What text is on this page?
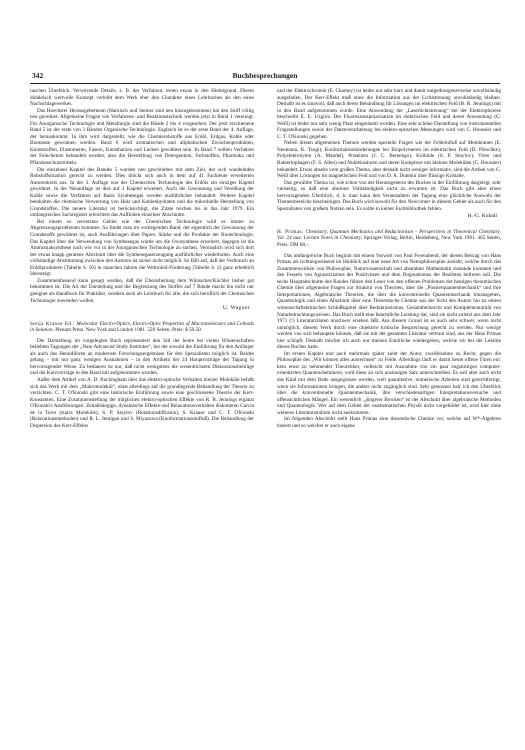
342	Buchbesprechungen

raschen Überblick. Verwirrende Details, z. B. der Verfahren, treten etwas in den Hintergrund. Dieses didaktisch wertvolle Konzept verleiht dem Werk eher den Charakter eines Lehrbuches als den eines Nachschlagewerkes.

Das Hoechster Herausgeberteam (Harnisch und Steiner sind neu hinzugekommen) hat den Stoff völlig neu geordnet. Allgemeine Fragen wie Verfahrens- und Reaktionstechnik werden jetzt in Band 1 vereinigt. Für Anorganische Technologie und Metallurgie sind die Bände 2 bis 4 vorgesehen. Der jetzt erschienene Band 5 ist der erste von 3 Bänden Organische Technologie. Zugleich ist es der erste Band der 4. Auflage, der herauskommt. In ihm wird dargestellt, wie die Chemierohstoffe aus Erdöl, Erdgas, Kohle oder Biomasse gewonnen werden. Band 6 wird aromatischen und aliphatischen Zwischenprodukten, Kunststoffen, Elastomeren, Fasern, Kunstharzen und Lacken gewidmet sein. In Band 7 sollten Verfahren der Feinchemie behandelt werden, also die Herstellung von Detergentien, Farbstoffen, Pharmaka und Pflanzenschutzmitteln.

Die einzelnen Kapitel des Bandes 5 wurden neu geschrieben mit dem Ziel, der sich wandelnden Rohstoffsituation gerecht zu werden. Dies drückt sich auch in dem auf 41 Fachleute erweiterten Autorenkreis aus. In der 3. Auflage war der Chemischen Technologie des Erdöls ein einziges Kapitel gewidmet. In der Neuauflage ist dies auf 3 Kapitel erweitert. Auch die Gewinnung und Veredlung der Kohle sowie die Verfahren auf Basis Synthesegas werden ausführlicher behandelt. Weitere Kapitel beinhalten die chemische Verwertung von Holz und Kohlenhydraten und die mikrobielle Herstellung von Grundstoffen. Die neuere Literatur ist berücksichtigt, die Zitate reichen bis in das Jahr 1979. Ein umfangreiches Sachregister erleichtert das Auffinden einzelner Abschnitte.

Bei einem so vernetzten Gebiet wie der Chemischen Technologie wird es immer zu Abgrenzungsproblemen kommen. So findet man im vorliegenden Band, der eigentlich der Gewinnung der Grundstoffe gewidmet ist, auch Ausführungen über Papier, Stärke und die Produkte der Biotechnologie. Das Kapitel über die Verwendung von Synthesegas wurde um die Oxosynthese erweitert, dagegen ist die Ammoniaksynthese nach wie vor in der Anorganischen Technologie zu suchen. Vermutlich wird sich dort der etwas knapp geratene Abschnitt über die Synthesegaserzeugung ausführlicher wiederholen. Auch eine vollständige Abstimmung zwischen den Autoren ist sicher nicht möglich. So fällt auf, daß der Verbrauch an Erdölprodukten (Tabelle S. 50) in manchen Jahren die Weltrohöl-Förderung (Tabelle S. 2) ganz erheblich übersteigt.

Zusammenfassend kann gesagt werden, daß die Überarbeitung dem Winnacker/Küchler bisher gut bekommen ist. Die Art der Darstellung und die Begrenzung des Stoffes auf 7 Bände macht ihn nicht nur geeignet als Handbuch für Praktiker, sondern auch als Lehrbuch für alle, die sich beruflich der Chemischen Technologie zuwenden wollen.

U. Wagner

Sonja Krause Ed.: Molecular Electro-Optics, Electro-Optic Properties of Macromolecules and Colloids in Solution. Plenum Press. New York and London 1981. 520 Seiten, Preis: $ 59.50.

Die Darstellung im vorgelegten Buch repräsentiert den Stil der heute bei vielen Wissenschaften beliebten Tagungen der „Nato Advanced Study Institutes“, bei der sowohl die Einführung für den Anfänger als auch das Heranführen an modernste Forschungsergebnisse für den Spezialisten möglich ist. Beides gelang – mit nur ganz wenigen Ausnahmen – in den Artikeln der 24 Hauptvorträge der Tagung in hervorragender Weise. Zu bedauern ist nur, daß nicht wenigstens die wesentlichsten Diskussionsbeiträge und die Kurzvorträge in den Band mit aufgenommen wurden.

Außer dem Artikel von A. D. Buckingham über das elektro-optische Verhalten kleiner Moleküle befaßt sich das Werk mit dem „Makromolekül“, ohne allerdings auf die grundlegende Behandlung der Theorie zu verzichten. C. T. O'Konski gibt eine historische Einführung sowie eine geschlossene Theorie der Kerr-Konstanten. Eine Zusammenstellung der möglichen elektro-optischen Effekte von R. B. Jennings ergänzt O'Konski's Ausführungen. Zeitabhängige, dynamische Effekte und Relaxationsverhalten diskutieren Garcia de la Torre (starre Moleküle), S. P. Stoylov (Rotationsdiffusion), S. Krause und C. T. O'Konski (Relaxationsmethoden) und R. L. Jernigan und S. Miyazawa (Konformationseinfluß). Die Behandlung der Dispersion des Kerr-Effekts

und der Elektrochromie (E. Charney) ist leider nur sehr kurz und damit notgedrungenerweise unvollständig ausgefallen. Der Kerr-Effekt muß ohne die Information aus der Lichtstreuung unvollständig bleiben. Deshalb ist es sinnvoll, daß auch deren Behandlung für Lösungen im elektrischen Feld (B. R. Jennings) mit in den Band aufgenommen wurde. Eine Anwendung der „Laserlichtstreuung“ bei der Elektrophorese beschreibt E. E. Uzgiris. Der Fluoreszenzpolarisation im elektrischen Feld und deren Anwendung (G. Weill) ist leider nur sehr wenig Platz eingeräumt worden. Eine sehr schöne Darstellung von instrumentellen Fragestellungen sowie der Datenverarbeitung bei elektro-optischen Messungen wird von C. Houssier und C. T. O'Konski gegeben.

Neben diesen allgemeinen Themen werden spezielle Fragen wie der Feldeinfluß auf Membranen (E. Neumann, K. Tsugi), Konformationsänderungen bei Biopolymeren im elektrischen Feld (D. Pörschke), Polyelektrolyten (A. Mandel), Proteinen (J. C. Bernengo), Kolloide (S. P. Stoylov), Viren und Bakteriophagen (F. S. Allen) und Nukleinsäuren und deren Komplexe mit kleinen Molekülen (C. Houssier) behandelt. Etwas abseits vom großen Thema, aber deshalb nicht weniger informativ, sind die Artikel von G. Weill über Lösungen im magnetischen Feld und von D. A. Dunmur über flüssige Kristalle.

Das gewählte Thema ist, wie schon von der Herausgeberin des Buches in der Einführung dargelegt, sehr vielseitig, so daß eine absolute Vollständigkeit nicht zu erwarten ist. Das Buch gibt aber einen hervorragenden Überblick, d. h. man kann den Veranstaltern der Tagung eine glückliche Auswahl der Themenbereiche bescheinigen. Das Buch wird sowohl für den Newcomer in diesem Gebiet als auch für den Spezialisten von großem Nutzen sein. Es sollte in keiner Fachbibliothek fehlen.

H.-G. Kuball

H. Primas: Chemistry, Quantum Mechanics and Reductionism – Perspectives in Theoretical Chemistry. Vol. 24 aus: Lecture Notes in Chemistry. Springer-Verlag, Berlin, Heidelberg, New York 1981. 465 Seiten, Preis: DM 68,–.

Das umfangreiche Buch beginnt mit einem Vorwort von Paul Feyerabend, der diesen Beitrag von Hans Primas als richtungweisend im Hinblick auf eine neue Art von Naturphilosophie ansieht, welche durch das Zusammenwirken von Philosophie, Naturwissenschaft und abstrakter Mathematik zustande kommen und den Fesseln von Agnostizismus der Positivisten und dem Dogmatismus der Realisten befreien soll. Die sechs Hauptabschnitte des Bandes führen den Leser von den offenen Problemen der heutigen theoretischen Chemie über allgemeine Fragen zur Struktur von Theorien, über die „Pionierquantenmechanik“ und ihre Interpretationen, Algebraische Theorien, die über die konventionelle Quantenmechanik hinausgehen, Quantenlogik und einen Abschnitt über eine Theoretische Chemie aus der Sicht des Autors hin zu einem wissenschaftskritischen Schlußkapitel über Reduktionismus, Gesamtheitssicht und Komplementarität von Naturbetrachtungsweisen. Das Buch stellt eine beachtliche Leistung dar, sind sie nicht zuletzt aus dem Jahr 1971 (!) Literaturzitaten unschwer ersehen läßt. Aus diesem Grund ist es auch sehr schwer, wenn nicht unmöglich, diesem Werk durch eine objektive kritische Besprechung gerecht zu werden. Nur wenige werden von sich behaupten können, daß sie mit der gesamten Literatur vertraut sind, aus der Hans Primas hier schöpft. Deshalb möchte ich auch nur meinen Eindrücke wiedergeben, welche ich bei der Lektüre dieses Buches hatte.

Im ersten Kapitel und auch mehrmals später zieht der Autor, zweifelsohne zu Recht, gegen die Philosophie des „Wir können alles ausrechnen“ zu Felde. Allerdings läuft er damit heute offene Türen ein: kein ernst zu nehmender Theoretiker, vielleicht mit Ausnahme von ein paar engstirnigen computer-orientierten Quantenchemikern, wird diese an sich unsinnigen Satz unterschreiben. Es soll aber auch nicht das Kind mit dem Bade ausgegossen werden, weil quantitative, numerische Arbeiten sind gerechtfertigt, wenn sie Informationen bringen, die anders nicht zugänglich sind. Sehr gestossen hab' ich den Überblick über die konventionelle Quantenmechanik, ihre verschiedenartigen Interpretationsversuche und offensichtlichen Mängel. Ein wesentlich „jüngerer Brocken“ ist der Abschnitt über algebraische Methoden und Quantenlogik. Wer auf dem Gebiet der mathematischen Physik nicht vorgebildet ist, wird hier ohne weiteres Literaturstudium nicht auskommen.

Im folgenden Abschnitt stellt Hans Primas eine theoretische Chemie vor, welche auf W*-Algebren basiert und so welcher er auch eigene
